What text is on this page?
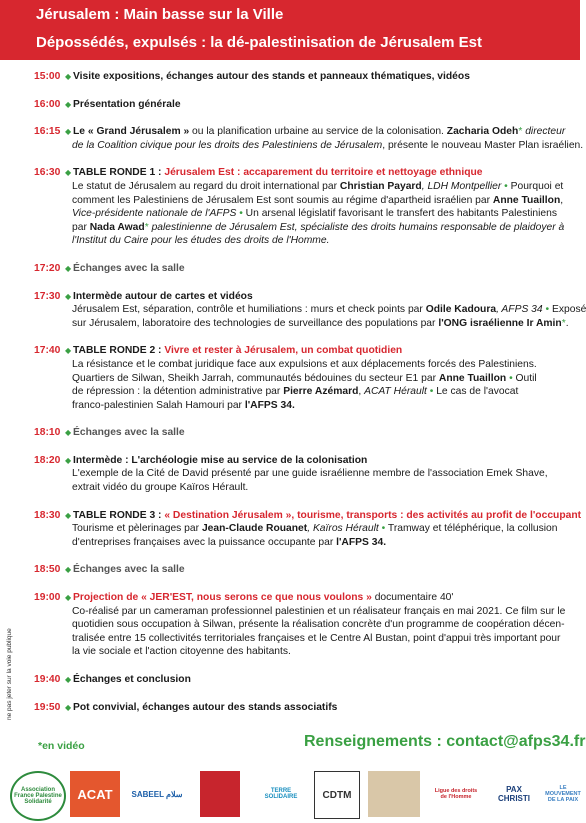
Jérusalem : Main basse sur la Ville
Dépossédés, expulsés : la dé-palestinisation de Jérusalem Est
15:00 ◆ Visite expositions, échanges autour des stands et panneaux thématiques, vidéos
16:00 ◆ Présentation générale
16:15 ◆ Le « Grand Jérusalem » ou la planification urbaine au service de la colonisation. Zacharia Odeh* directeur
de la Coalition civique pour les droits des Palestiniens de Jérusalem, présente le nouveau Master Plan israélien.
16:30 ◆ TABLE RONDE 1 : Jérusalem Est : accaparement du territoire et nettoyage ethnique
Le statut de Jérusalem au regard du droit international par Christian Payard, LDH Montpellier • Pourquoi et
comment les Palestiniens de Jérusalem Est sont soumis au régime d'apartheid israélien par Anne Tuaillon,
Vice-présidente nationale de l'AFPS • Un arsenal législatif favorisant le transfert des habitants Palestiniens
par Nada Awad* palestinienne de Jérusalem Est, spécialiste des droits humains responsable de plaidoyer à
l'Institut du Caire pour les études des droits de l'Homme.
17:20 ◆ Échanges avec la salle
17:30 ◆ Intermède autour de cartes et vidéos
Jérusalem Est, séparation, contrôle et humiliations : murs et check points par Odile Kadoura, AFPS 34 • Exposé
sur Jérusalem, laboratoire des technologies de surveillance des populations par l'ONG israélienne Ir Amin*.
17:40 ◆ TABLE RONDE 2 : Vivre et rester à Jérusalem, un combat quotidien
La résistance et le combat juridique face aux expulsions et aux déplacements forcés des Palestiniens.
Quartiers de Silwan, Sheikh Jarrah, communautés bédouines du secteur E1 par Anne Tuaillon • Outil
de répression : la détention administrative par Pierre Azémard, ACAT Hérault • Le cas de l'avocat
franco-palestinien Salah Hamouri par l'AFPS 34.
18:10 ◆ Échanges avec la salle
18:20 ◆ Intermède : L'archéologie mise au service de la colonisation
L'exemple de la Cité de David présenté par une guide israélienne membre de l'association Emek Shave,
extrait vidéo du groupe Kaïros Hérault.
18:30 ◆ TABLE RONDE 3 : « Destination Jérusalem », tourisme, transports : des activités au profit de l'occupant
Tourisme et pèlerinages par Jean-Claude Rouanet, Kaïros Hérault • Tramway et téléphérique, la collusion
d'entreprises françaises avec la puissance occupante par l'AFPS 34.
18:50 ◆ Échanges avec la salle
19:00 ◆ Projection de « JER'EST, nous serons ce que nous voulons » documentaire 40'
Co-réalisé par un cameraman professionnel palestinien et un réalisateur français en mai 2021. Ce film sur le
quotidien sous occupation à Silwan, présente la réalisation concrète d'un programme de coopération décen-
tralisée entre 15 collectivités territoriales françaises et le Centre Al Bustan, point d'appui très important pour
la vie sociale et l'action citoyenne des habitants.
19:40 ◆ Échanges et conclusion
19:50 ◆ Pot convivial, échanges autour des stands associatifs
ne pas jeter sur la voie publique
*en vidéo	Renseignements : contact@afps34.fr
Association France Palestine Solidarité
ACAT	SABEEL سلام	TERRE SOLIDAIRE	CDTM	Ligue des droits de l'Homme
PAX CHRISTI
LE MOUVEMENT DE LA PAIX
